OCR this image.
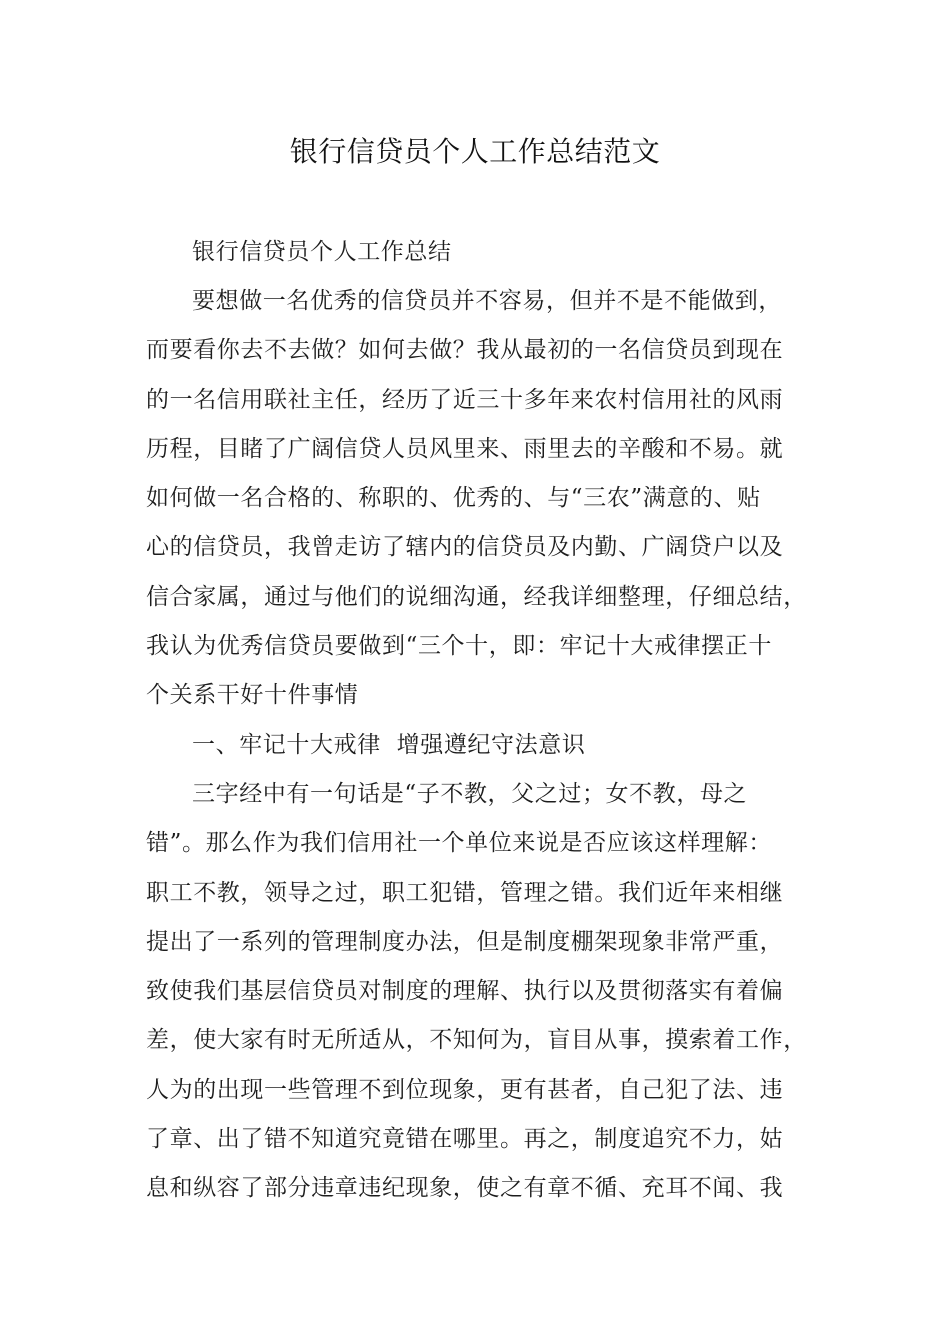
银行信贷员个人工作总结范文
银行信贷员个人工作总结
要想做一名优秀的信贷员并不容易，但并不是不能做到，
而要看你去不去做？如何去做？我从最初的一名信贷员到现在
的一名信用联社主任，经历了近三十多年来农村信用社的风雨
历程，目睹了广阔信贷人员风里来、雨里去的辛酸和不易。就
如何做一名合格的、称职的、优秀的、与“三农”满意的、贴
心的信贷员，我曾走访了辖内的信贷员及内勤、广阔贷户以及
信合家属，通过与他们的说细沟通，经我详细整理，仔细总结，
我认为优秀信贷员要做到“三个十，即：牢记十大戒律摆正十
个关系干好十件事情
一、牢记十大戒律  增强遵纪守法意识
三字经中有一句话是“子不教，父之过；女不教，母之
错”。那么作为我们信用社一个单位来说是否应该这样理解：
职工不教，领导之过，职工犯错，管理之错。我们近年来相继
提出了一系列的管理制度办法，但是制度棚架现象非常严重，
致使我们基层信贷员对制度的理解、执行以及贯彻落实有着偏
差，使大家有时无所适从，不知何为，盲目从事，摸索着工作，
人为的出现一些管理不到位现象，更有甚者，自己犯了法、违
了章、出了错不知道究竟错在哪里。再之，制度追究不力，姑
息和纵容了部分违章违纪现象，使之有章不循、充耳不闻、我
